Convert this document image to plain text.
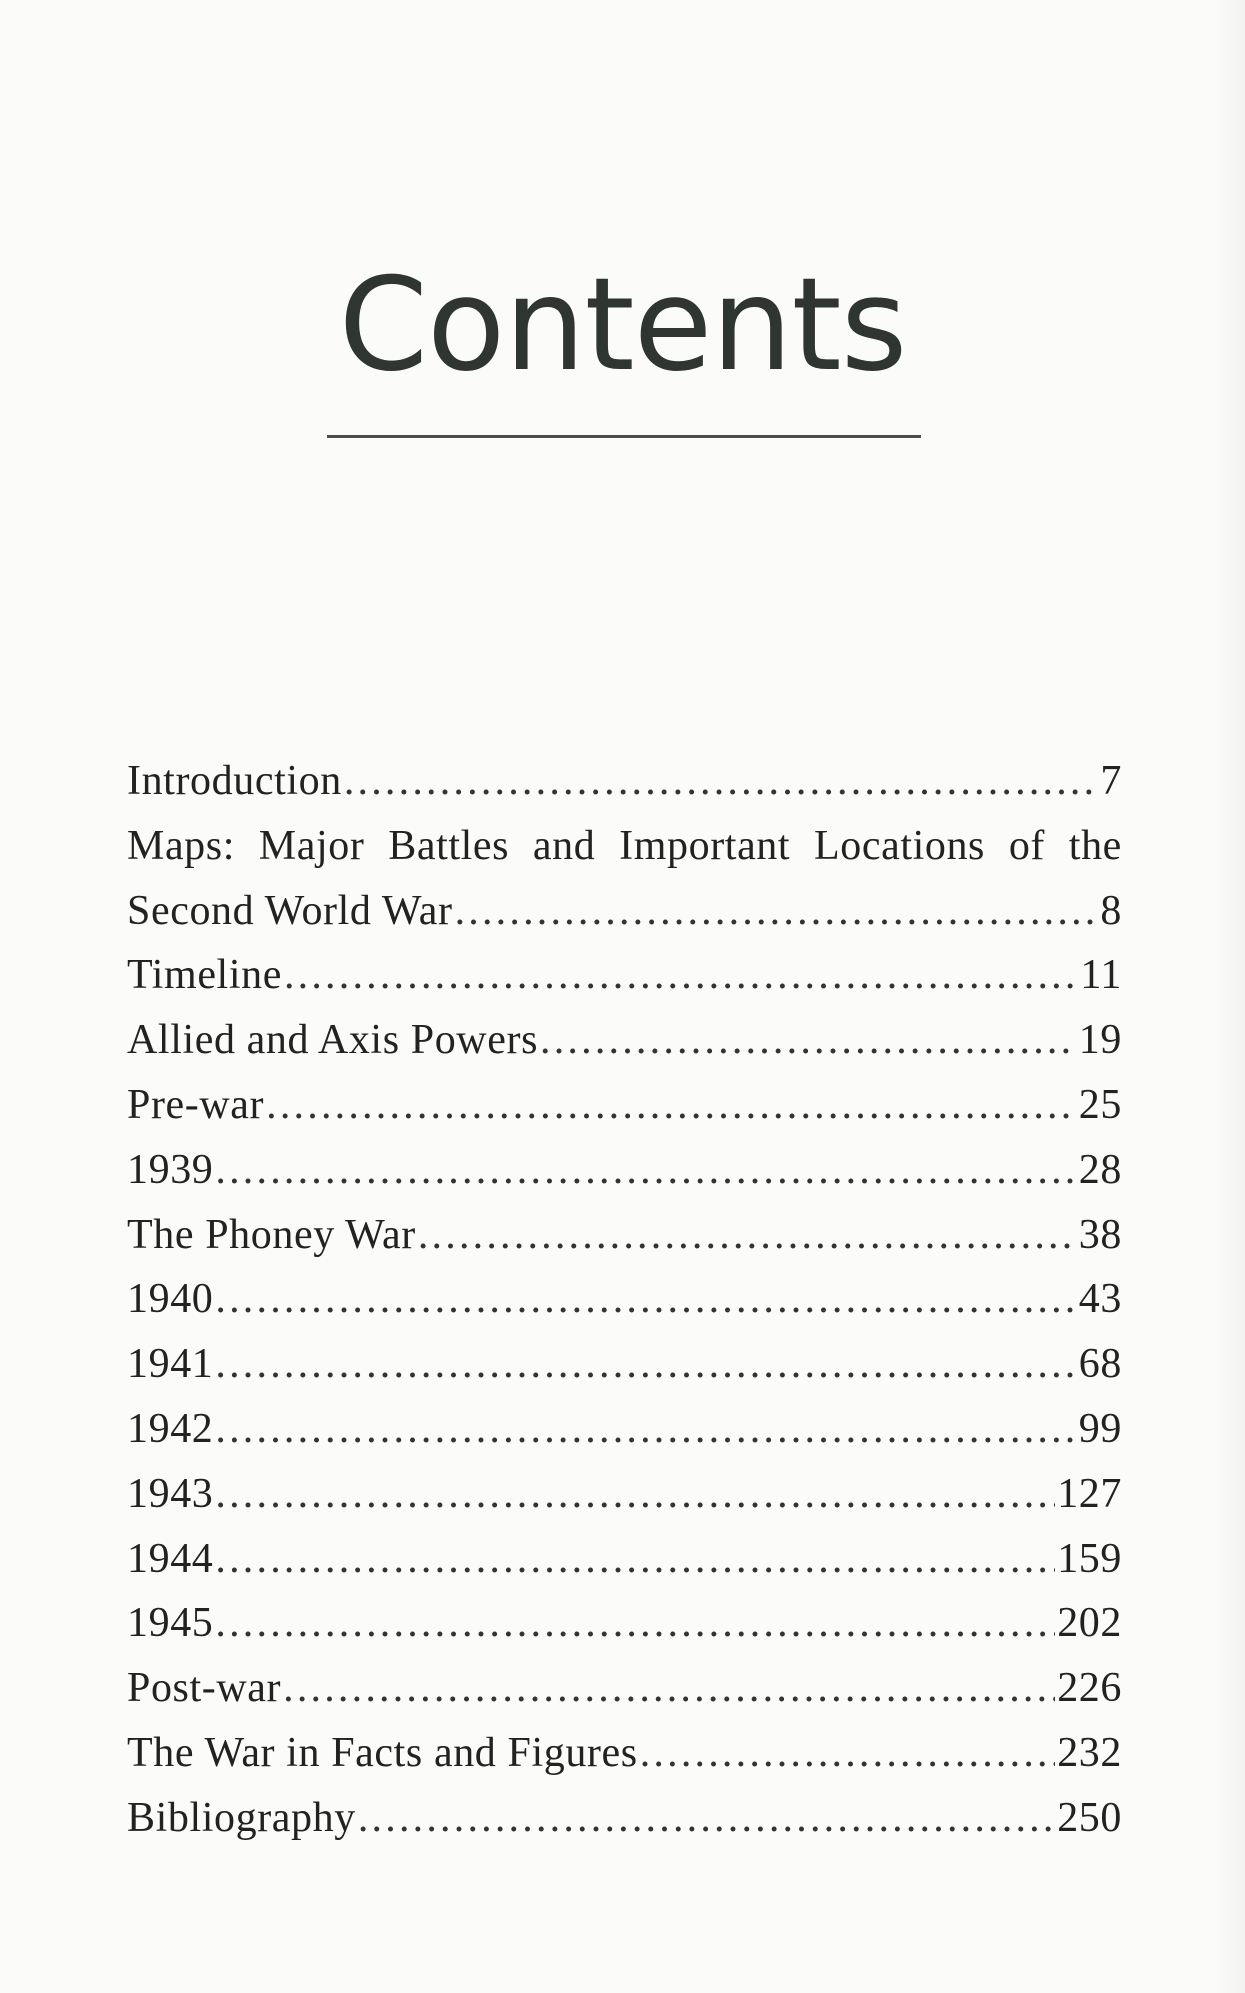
Contents
Introduction .....	7
Maps: Major Battles and Important Locations of the
Second World War .....	8
Timeline .....	11
Allied and Axis Powers .....	19
Pre-war .....	25
1939 .....	28
The Phoney War .....	38
1940 .....	43
1941 .....	68
1942 .....	99
1943 .....	127
1944 .....	159
1945 .....	202
Post-war .....	226
The War in Facts and Figures .....	232
Bibliography .....	250
